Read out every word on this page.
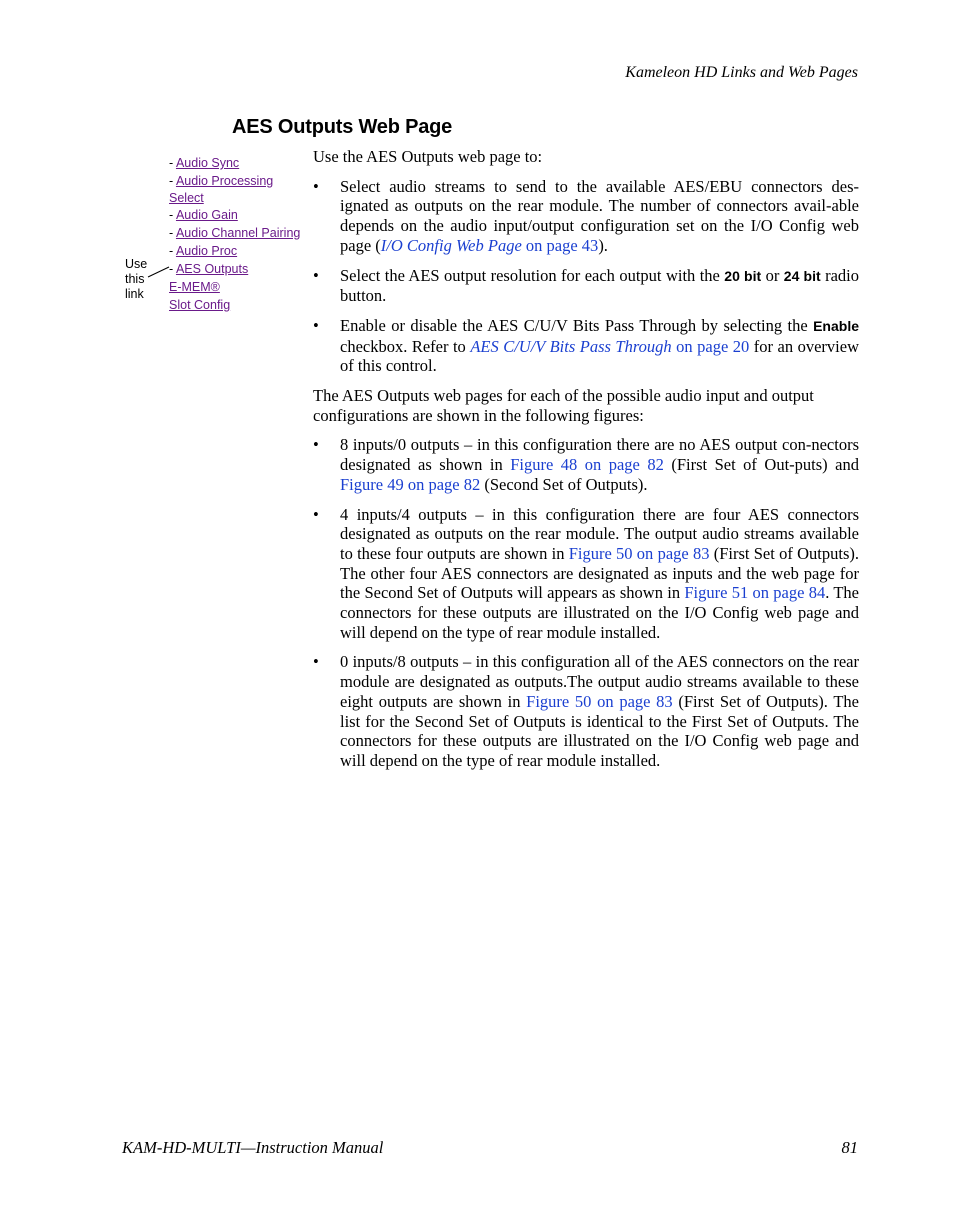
Kameleon HD Links and Web Pages
AES Outputs Web Page
- Audio Sync
- Audio Processing

Select
- Audio Gain
- Audio Channel Pairing
- Audio Proc
- AES Outputs
E-MEM®
Slot Config
Use
this
link

Use the AES Outputs web page to:

• Select audio streams to send to the available AES/EBU connectors des-ignated as outputs on the rear module. The number of connectors avail-able depends on the audio input/output configuration set on the I/O Config web page (I/O Config Web Page on page 43).
• Select the AES output resolution for each output with the 20 bit or 24 bit radio button.
• Enable or disable the AES C/U/V Bits Pass Through by selecting the Enable checkbox. Refer to AES C/U/V Bits Pass Through on page 20 for an overview of this control.

The AES Outputs web pages for each of the possible audio input and output configurations are shown in the following figures:

• 8 inputs/0 outputs – in this configuration there are no AES output con-nectors designated as shown in Figure 48 on page 82 (First Set of Out-puts) and Figure 49 on page 82 (Second Set of Outputs).
• 4 inputs/4 outputs – in this configuration there are four AES connectors designated as outputs on the rear module. The output audio streams available to these four outputs are shown in Figure 50 on page 83 (First Set of Outputs). The other four AES connectors are designated as inputs and the web page for the Second Set of Outputs will appears as shown in Figure 51 on page 84. The connectors for these outputs are illustrated on the I/O Config web page and will depend on the type of rear module installed.
• 0 inputs/8 outputs – in this configuration all of the AES connectors on the rear module are designated as outputs.The output audio streams available to these eight outputs are shown in Figure 50 on page 83 (First Set of Outputs). The list for the Second Set of Outputs is identical to the First Set of Outputs. The connectors for these outputs are illustrated on the I/O Config web page and will depend on the type of rear module installed.
KAM-HD-MULTI—Instruction Manual	81
